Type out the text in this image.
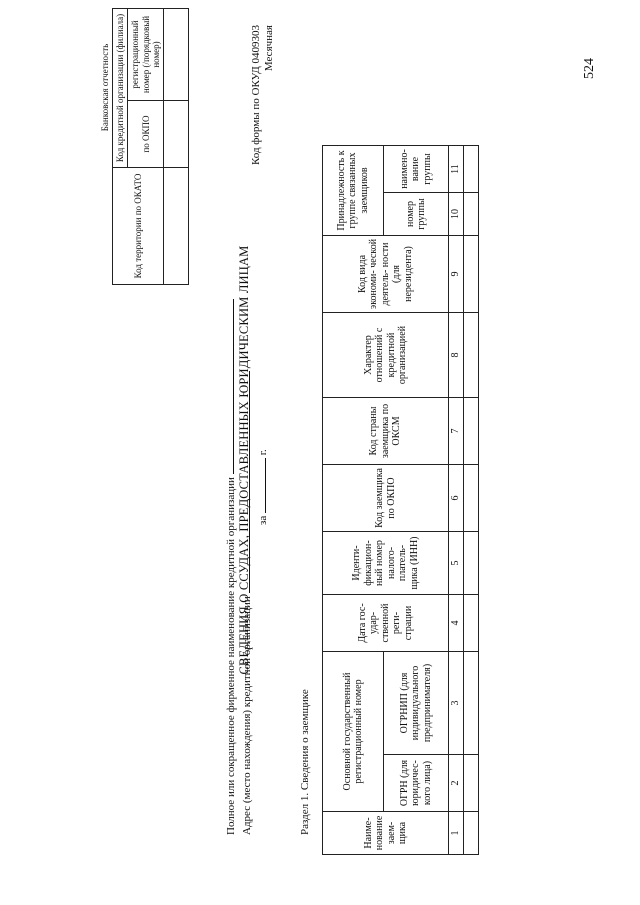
524
Банковская отчетность
Код территории по ОКАТО	Код кредитной организации (филиала)	
	по ОКПО	регистрационный номер (/порядковый номер)

СВЕДЕНИЯ О ССУДАХ, ПРЕДОСТАВЛЕННЫХ ЮРИДИЧЕСКИМ ЛИЦАМ за  г.
Код формы по ОКУД 0409303 Месячная
Полное или сокращенное фирменное наименование кредитной организации Адрес (место нахождения) кредитной организации	Раздел 1. Сведения о заемщике	Наиме- нование заем- щика	Основной государственный регистрационный номер		Дата гос- удар- ственной реги- страции	Иденти- фикацион- ный номер налого- платель- щика (ИНН)	Код заемщика по ОКПО	Код страны заемщика по ОКСМ	Характер отношений с кредитной организацией	Код вида экономи- ческой деятель- ности (для нерезидента)	Принадлежность к группе связанных заемщиков	
	ОГРН (для юридичес- кого лица)	ОГРНИП (для индивидуального предпринимателя)							номер группы	наимено- вание группы
1	2	3	4	5	6	7	8	9	10	11
